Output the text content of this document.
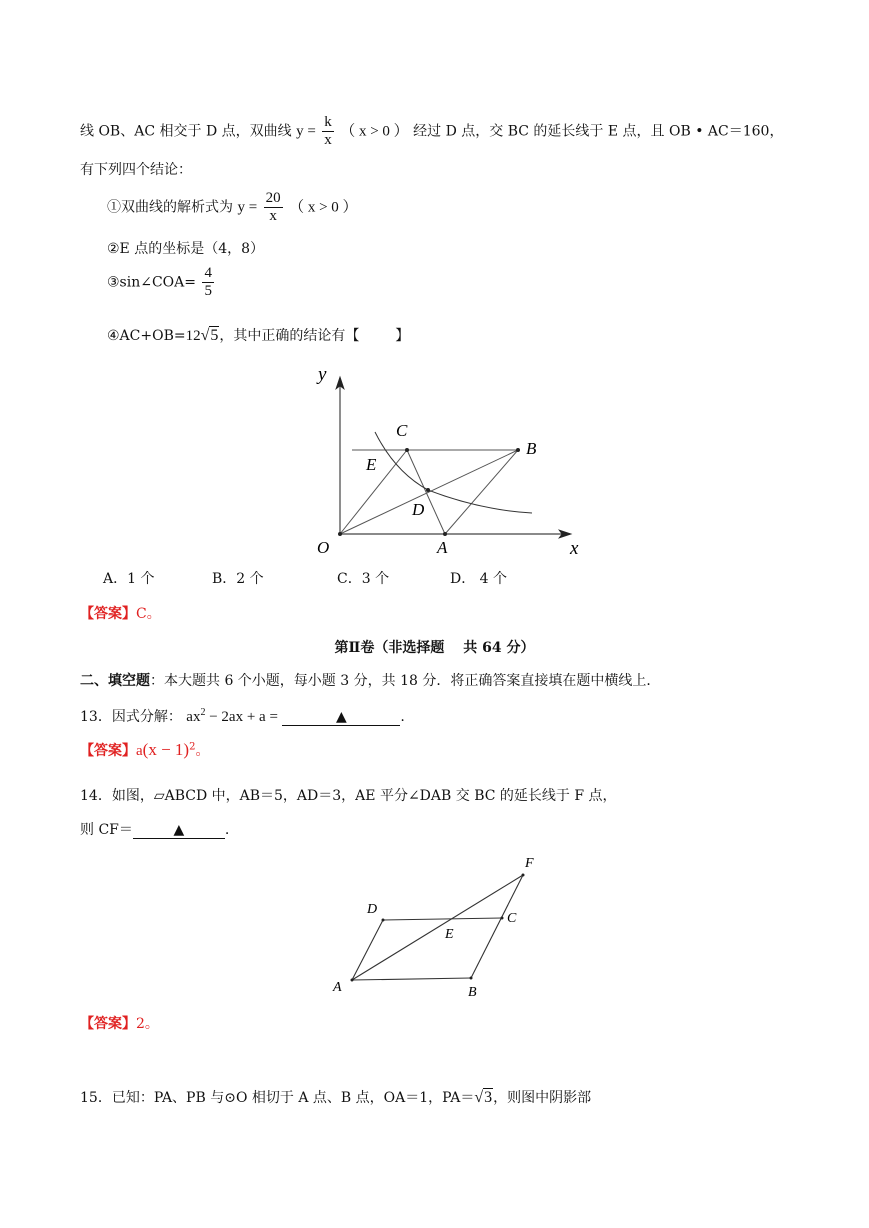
线 OB、AC 相交于 D 点，双曲线 $y = \frac{k}{x}$ （ x > 0 ） 经过 D 点，交 BC 的延长线于 E 点，且 OB • AC＝160，
有下列四个结论：
①双曲线的解析式为 $y = \frac{20}{x}$ （ x > 0 ）
②E 点的坐标是（4，8）
③sin∠COA= $\frac{4}{5}$
④AC+OB=12√5，其中正确的结论有【	】
y
x
O	A
B
C
D
E
A．1 个	B．2 个	C．3 个	D． 4 个
【答案】C。
第Ⅱ卷（非选择题　 共 64 分）
二、填空题：本大题共 6 个小题，每小题 3 分，共 18 分．将正确答案直接填在题中横线上．
13．因式分解： $ax^2 - 2ax + a$ =	▲	.
【答案】$a(x - 1)^2$。
14．如图，▱ABCD 中，AB＝5，AD＝3，AE 平分∠DAB 交 BC 的延长线于 F 点，
则 CF＝	▲	.
A	B
C
D
E
F
【答案】2。
15．已知：PA、PB 与⊙O 相切于 A 点、B 点，OA＝1，PA＝√3，则图中阴影部
